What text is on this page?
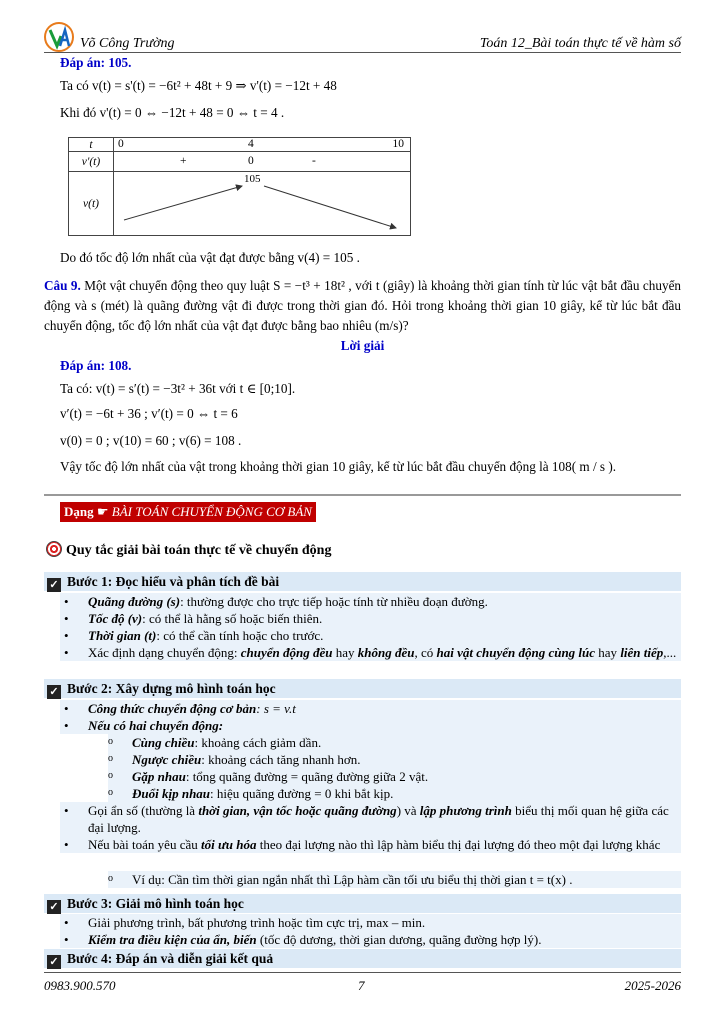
Võ Công Trường	Toán 12_Bài toán thực tế về hàm số
Đáp án: 105.
Ta có v(t) = s'(t) = −6t² + 48t + 9 ⇒ v'(t) = −12t + 48
Khi đó v'(t) = 0 ⇔ −12t + 48 = 0 ⇔ t = 4 .
t	0 4 10

v'(t)	+ 0 -

v(t)	105
Do đó tốc độ lớn nhất của vật đạt được bằng v(4) = 105 .
Câu 9. Một vật chuyển động theo quy luật S = −t³ + 18t² , với t (giây) là khoảng thời gian tính từ lúc vật bắt đầu chuyển động và s (mét) là quãng đường vật đi được trong thời gian đó. Hỏi trong khoảng thời gian 10 giây, kể từ lúc bắt đầu chuyển động, tốc độ lớn nhất của vật đạt được bằng bao nhiêu (m/s)?
Lời giải
Đáp án: 108.
Ta có: v(t) = s′(t) = −3t² + 36t với t ∈ [0;10].
v′(t) = −6t + 36 ; v′(t) = 0 ⇔ t = 6
v(0) = 0 ; v(10) = 60 ; v(6) = 108 .
Vậy tốc độ lớn nhất của vật trong khoảng thời gian 10 giây, kể từ lúc bắt đầu chuyển động là 108( m / s ).
Dạng ☛ BÀI TOÁN CHUYỂN ĐỘNG CƠ BẢN
Quy tắc giải bài toán thực tế về chuyển động
✓ Bước 1: Đọc hiểu và phân tích đề bài
• Quãng đường (s): thường được cho trực tiếp hoặc tính từ nhiều đoạn đường.
• Tốc độ (v): có thể là hằng số hoặc biến thiên.
• Thời gian (t): có thể cần tính hoặc cho trước.
• Xác định dạng chuyển động: chuyển động đều hay không đều, có hai vật chuyển động cùng lúc hay liên tiếp,...
✓ Bước 2: Xây dựng mô hình toán học
• Công thức chuyển động cơ bản: s = v.t
• Nếu có hai chuyển động:
o Cùng chiều: khoảng cách giảm dần.
o Ngược chiều: khoảng cách tăng nhanh hơn.
o Gặp nhau: tổng quãng đường = quãng đường giữa 2 vật.
o Đuổi kịp nhau: hiệu quãng đường = 0 khi bắt kịp.
• Gọi ẩn số (thường là thời gian, vận tốc hoặc quãng đường) và lập phương trình biểu thị mối quan hệ giữa các đại lượng.
• Nếu bài toán yêu cầu tối ưu hóa theo đại lượng nào thì lập hàm biểu thị đại lượng đó theo một đại lượng khác
o Ví dụ: Cần tìm thời gian ngắn nhất thì Lập hàm cần tối ưu biểu thị thời gian t = t(x) .
✓ Bước 3: Giải mô hình toán học
• Giải phương trình, bất phương trình hoặc tìm cực trị, max – min.
• Kiểm tra điều kiện của ẩn, biến (tốc độ dương, thời gian dương, quãng đường hợp lý).
✓ Bước 4: Đáp án và diễn giải kết quả
0983.900.570	7	2025-2026
